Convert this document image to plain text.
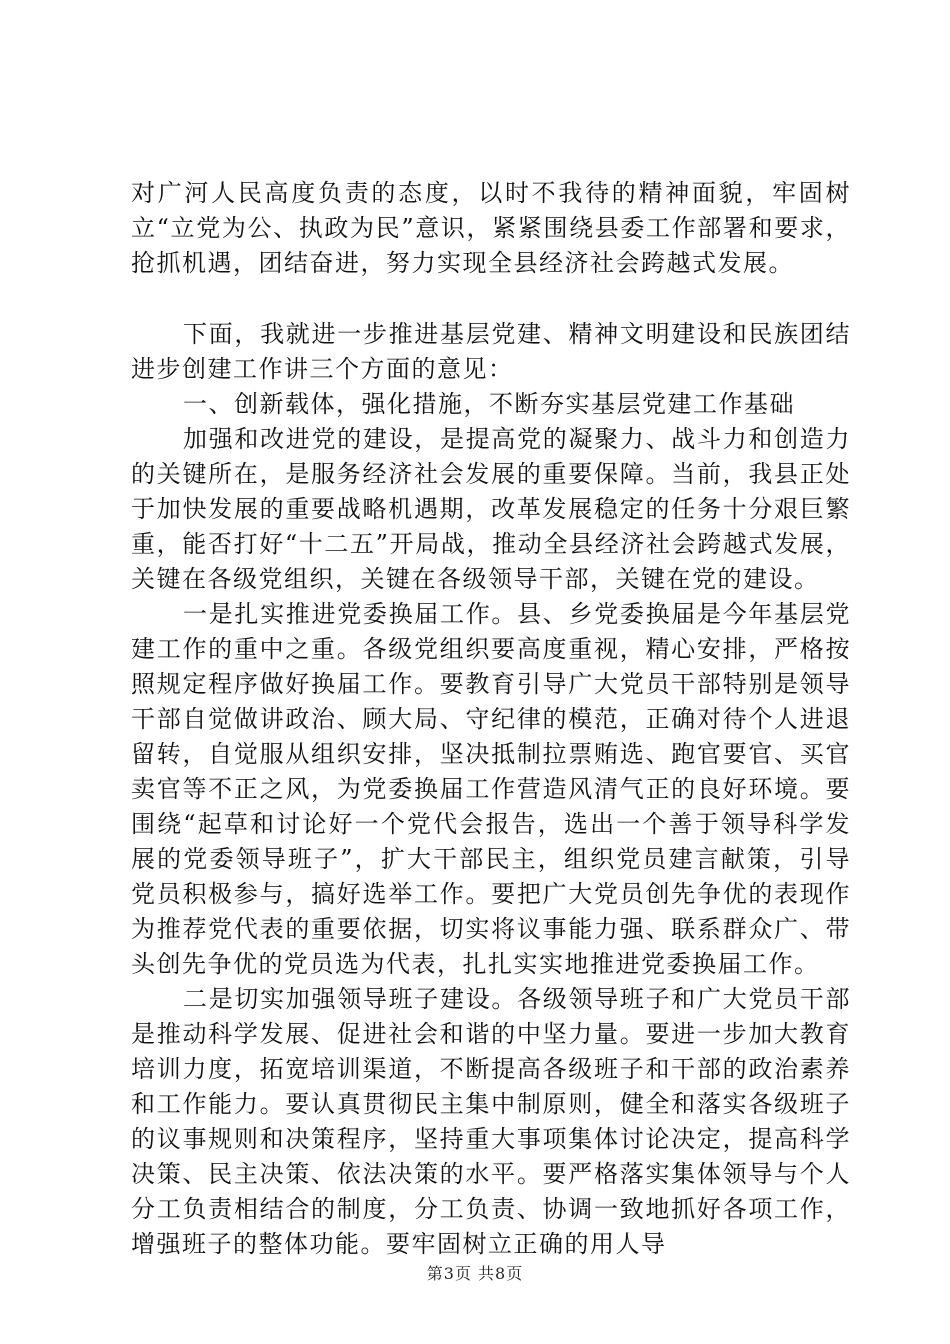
对广河人民高度负责的态度，以时不我待的精神面貌，牢固树立“立党为公、执政为民”意识，紧紧围绕县委工作部署和要求，抢抓机遇，团结奋进，努力实现全县经济社会跨越式发展。

下面，我就进一步推进基层党建、精神文明建设和民族团结进步创建工作讲三个方面的意见：

一、创新载体，强化措施，不断夯实基层党建工作基础

加强和改进党的建设，是提高党的凝聚力、战斗力和创造力的关键所在，是服务经济社会发展的重要保障。当前，我县正处于加快发展的重要战略机遇期，改革发展稳定的任务十分艰巨繁重，能否打好“十二五”开局战，推动全县经济社会跨越式发展，关键在各级党组织，关键在各级领导干部，关键在党的建设。

一是扎实推进党委换届工作。县、乡党委换届是今年基层党建工作的重中之重。各级党组织要高度重视，精心安排，严格按照规定程序做好换届工作。要教育引导广大党员干部特别是领导干部自觉做讲政治、顾大局、守纪律的模范，正确对待个人进退留转，自觉服从组织安排，坚决抵制拉票贿选、跑官要官、买官卖官等不正之风，为党委换届工作营造风清气正的良好环境。要围绕“起草和讨论好一个党代会报告，选出一个善于领导科学发展的党委领导班子”，扩大干部民主，组织党员建言献策，引导党员积极参与，搞好选举工作。要把广大党员创先争优的表现作为推荐党代表的重要依据，切实将议事能力强、联系群众广、带头创先争优的党员选为代表，扎扎实实地推进党委换届工作。

二是切实加强领导班子建设。各级领导班子和广大党员干部是推动科学发展、促进社会和谐的中坚力量。要进一步加大教育培训力度，拓宽培训渠道，不断提高各级班子和干部的政治素养和工作能力。要认真贯彻民主集中制原则，健全和落实各级班子的议事规则和决策程序，坚持重大事项集体讨论决定，提高科学决策、民主决策、依法决策的水平。要严格落实集体领导与个人分工负责相结合的制度，分工负责、协调一致地抓好各项工作，增强班子的整体功能。要牢固树立正确的用人导

第3页 共8页
